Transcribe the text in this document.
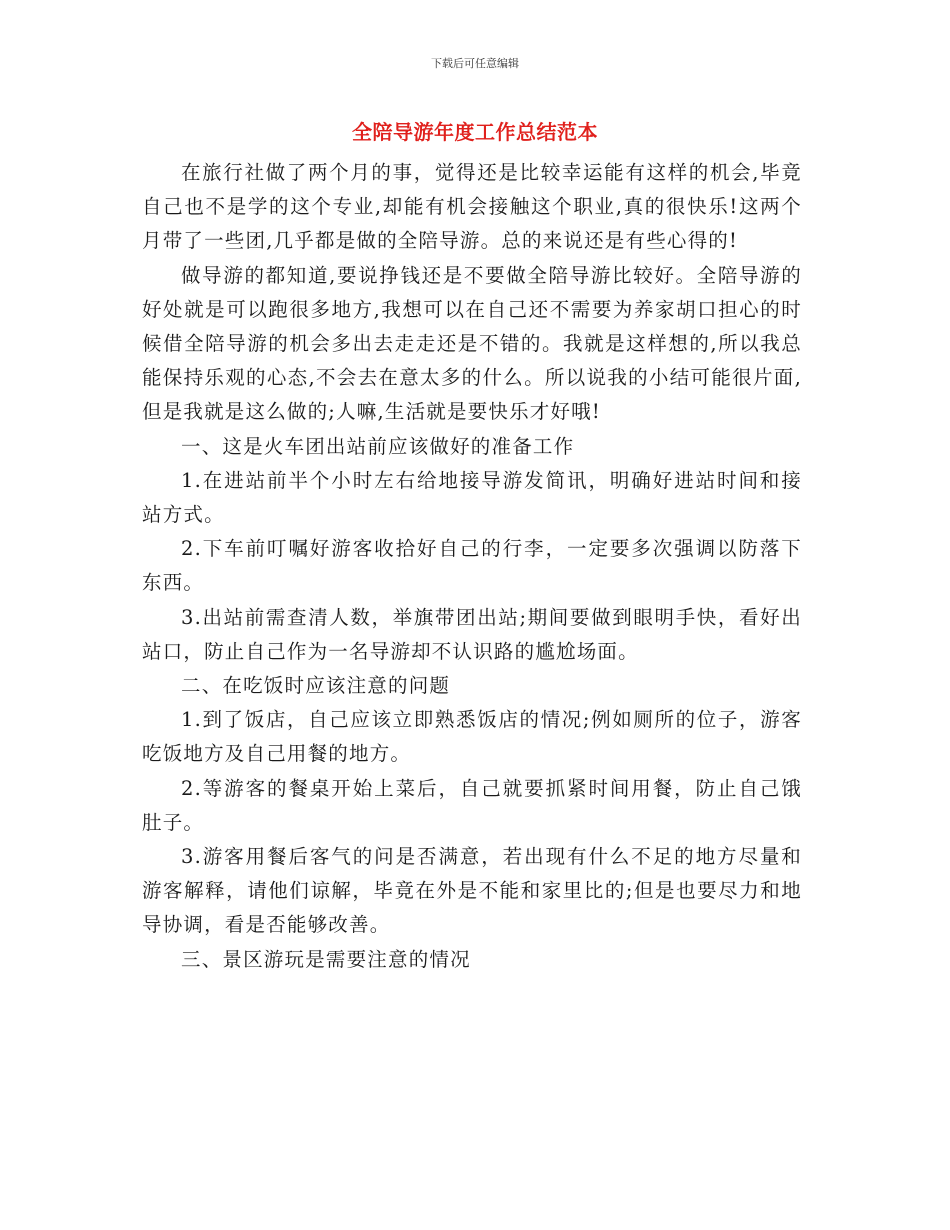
下载后可任意编辑
全陪导游年度工作总结范本

在旅行社做了两个月的事，觉得还是比较幸运能有这样的机会,毕竟自己也不是学的这个专业,却能有机会接触这个职业,真的很快乐!这两个月带了一些团,几乎都是做的全陪导游。总的来说还是有些心得的!

做导游的都知道,要说挣钱还是不要做全陪导游比较好。全陪导游的好处就是可以跑很多地方,我想可以在自己还不需要为养家胡口担心的时候借全陪导游的机会多出去走走还是不错的。我就是这样想的,所以我总能保持乐观的心态,不会去在意太多的什么。所以说我的小结可能很片面,但是我就是这么做的;人嘛,生活就是要快乐才好哦!

一、这是火车团出站前应该做好的准备工作

1.在进站前半个小时左右给地接导游发简讯，明确好进站时间和接站方式。

2.下车前叮嘱好游客收拾好自己的行李，一定要多次强调以防落下东西。

3.出站前需查清人数，举旗带团出站;期间要做到眼明手快，看好出站口，防止自己作为一名导游却不认识路的尴尬场面。

二、在吃饭时应该注意的问题

1.到了饭店，自己应该立即熟悉饭店的情况;例如厕所的位子，游客吃饭地方及自己用餐的地方。

2.等游客的餐桌开始上菜后，自己就要抓紧时间用餐，防止自己饿肚子。

3.游客用餐后客气的问是否满意，若出现有什么不足的地方尽量和游客解释，请他们谅解，毕竟在外是不能和家里比的;但是也要尽力和地导协调，看是否能够改善。

三、景区游玩是需要注意的情况
